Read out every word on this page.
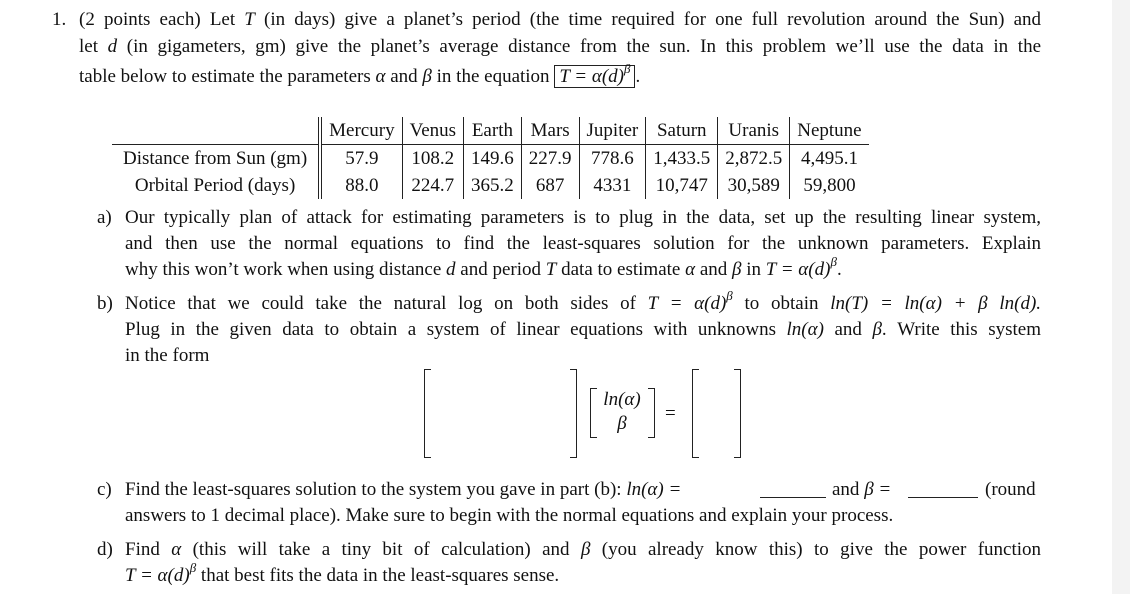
1. (2 points each) Let T (in days) give a planet’s period (the time required for one full revolution around the Sun) and
let d (in gigameters, gm) give the planet’s average distance from the sun. In this problem we’ll use the data in the
table below to estimate the parameters α and β in the equation $T = \alpha(d)^\beta$ .
	Mercury	Venus	Earth	Mars	Jupiter	Saturn	Uranis	Neptune
Distance from Sun (gm)	57.9	108.2	149.6	227.9	778.6	1,433.5	2,872.5	4,495.1
Orbital Period (days)	88.0	224.7	365.2	687	4331	10,747	30,589	59,800
a) Our typically plan of attack for estimating parameters is to plug in the data, set up the resulting linear system,
and then use the normal equations to find the least-squares solution for the unknown parameters. Explain
why this won’t work when using distance d and period T data to estimate α and β in $T = \alpha(d)^\beta$.
b) Notice that we could take the natural log on both sides of $T = \alpha(d)^\beta$ to obtain ln(T) = ln(α) + β ln(d).
Plug in the given data to obtain a system of linear equations with unknowns ln(α) and β. Write this system
in the form
ln(α)
β	=
c) Find the least-squares solution to the system you gave in part (b): ln(α) =	and β =	(round
answers to 1 decimal place). Make sure to begin with the normal equations and explain your process.
d) Find α (this will take a tiny bit of calculation) and β (you already know this) to give the power function
$T = \alpha(d)^\beta$ that best fits the data in the least-squares sense.
